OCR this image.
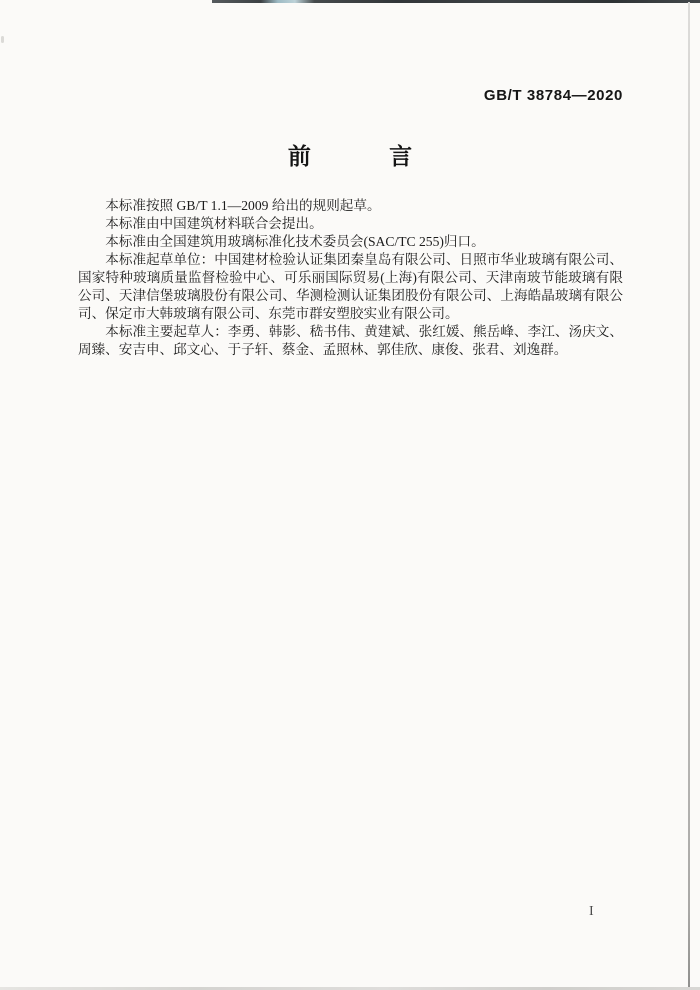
GB/T 38784—2020
前言

本标准按照 GB/T 1.1—2009 给出的规则起草。

本标准由中国建筑材料联合会提出。

本标准由全国建筑用玻璃标准化技术委员会(SAC/TC 255)归口。

本标准起草单位：中国建材检验认证集团秦皇岛有限公司、日照市华业玻璃有限公司、国家特种玻璃质量监督检验中心、可乐丽国际贸易(上海)有限公司、天津南玻节能玻璃有限公司、天津信堡玻璃股份有限公司、华测检测认证集团股份有限公司、上海皓晶玻璃有限公司、保定市大韩玻璃有限公司、东莞市群安塑胶实业有限公司。

本标准主要起草人：李勇、韩影、嵇书伟、黄建斌、张红媛、熊岳峰、李江、汤庆文、周臻、安吉申、邱文心、于子轩、蔡金、孟照林、郭佳欣、康俊、张君、刘逸群。

I
